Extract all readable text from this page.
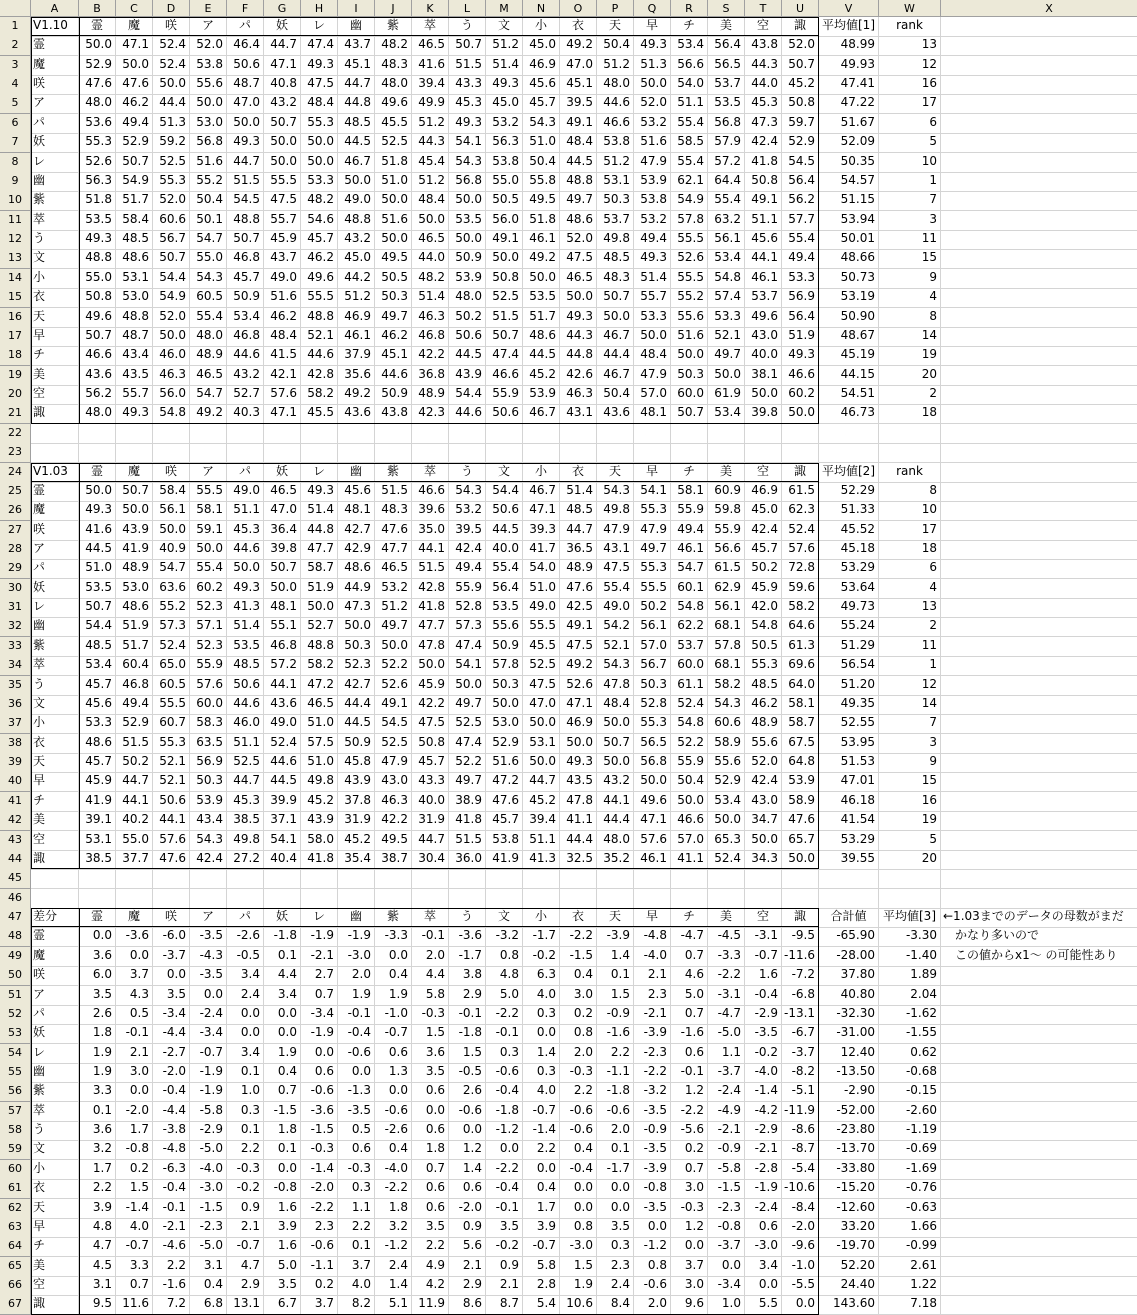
A	B	C	D	E	F	G	H	I	J	K	L	M	N	O	P	Q	R	S	T	U	V	W	X
1
2
3
4
5
6
7
8
9
10
11
12
13
14
15
16
17
18
19
20
21
22
23
24
25
26
27
28
29
30
31
32
33
34
35
36
37
38
39
40
41
42
43
44
45
46
47
48
49
50
51
52
53
54
55
56
57
58
59
60
61
62
63
64
65
66
67
V1.10	霊	魔	咲	ア	パ	妖	レ	幽	紫	萃	う	文	小	衣	天	早	チ	美	空	諏	平均値[1]	rank
霊	50.0 47.1 52.4 52.0 46.4 44.7 47.4 43.7 48.2 46.5 50.7 51.2 45.0 49.2 50.4 49.3 53.4 56.4 43.8 52.0	48.99	13
魔	52.9 50.0 52.4 53.8 50.6 47.1 49.3 45.1 48.3 41.6 51.5 51.4 46.9 47.0 51.2 51.3 56.6 56.5 44.3 50.7	49.93	12
咲	47.6 47.6 50.0 55.6 48.7 40.8 47.5 44.7 48.0 39.4 43.3 49.3 45.6 45.1 48.0 50.0 54.0 53.7 44.0 45.2	47.41	16
ア	48.0 46.2 44.4 50.0 47.0 43.2 48.4 44.8 49.6 49.9 45.3 45.0 45.7 39.5 44.6 52.0 51.1 53.5 45.3 50.8	47.22	17
パ	53.6 49.4 51.3 53.0 50.0 50.7 55.3 48.5 45.5 51.2 49.3 53.2 54.3 49.1 46.6 53.2 55.4 56.8 47.3 59.7	51.67	6
妖	55.3 52.9 59.2 56.8 49.3 50.0 50.0 44.5 52.5 44.3 54.1 56.3 51.0 48.4 53.8 51.6 58.5 57.9 42.4 52.9	52.09	5
レ	52.6 50.7 52.5 51.6 44.7 50.0 50.0 46.7 51.8 45.4 54.3 53.8 50.4 44.5 51.2 47.9 55.4 57.2 41.8 54.5	50.35	10
幽	56.3 54.9 55.3 55.2 51.5 55.5 53.3 50.0 51.0 51.2 56.8 55.0 55.8 48.8 53.1 53.9 62.1 64.4 50.8 56.4	54.57	1
紫	51.8 51.7 52.0 50.4 54.5 47.5 48.2 49.0 50.0 48.4 50.0 50.5 49.5 49.7 50.3 53.8 54.9 55.4 49.1 56.2	51.15	7
萃	53.5 58.4 60.6 50.1 48.8 55.7 54.6 48.8 51.6 50.0 53.5 56.0 51.8 48.6 53.7 53.2 57.8 63.2 51.1 57.7	53.94	3
う	49.3 48.5 56.7 54.7 50.7 45.9 45.7 43.2 50.0 46.5 50.0 49.1 46.1 52.0 49.8 49.4 55.5 56.1 45.6 55.4	50.01	11
文	48.8 48.6 50.7 55.0 46.8 43.7 46.2 45.0 49.5 44.0 50.9 50.0 49.2 47.5 48.5 49.3 52.6 53.4 44.1 49.4	48.66	15
小	55.0 53.1 54.4 54.3 45.7 49.0 49.6 44.2 50.5 48.2 53.9 50.8 50.0 46.5 48.3 51.4 55.5 54.8 46.1 53.3	50.73	9
衣	50.8 53.0 54.9 60.5 50.9 51.6 55.5 51.2 50.3 51.4 48.0 52.5 53.5 50.0 50.7 55.7 55.2 57.4 53.7 56.9	53.19	4
天	49.6 48.8 52.0 55.4 53.4 46.2 48.8 46.9 49.7 46.3 50.2 51.5 51.7 49.3 50.0 53.3 55.6 53.3 49.6 56.4	50.90	8
早	50.7 48.7 50.0 48.0 46.8 48.4 52.1 46.1 46.2 46.8 50.6 50.7 48.6 44.3 46.7 50.0 51.6 52.1 43.0 51.9	48.67	14
チ	46.6 43.4 46.0 48.9 44.6 41.5 44.6 37.9 45.1 42.2 44.5 47.4 44.5 44.8 44.4 48.4 50.0 49.7 40.0 49.3	45.19	19
美	43.6 43.5 46.3 46.5 43.2 42.1 42.8 35.6 44.6 36.8 43.9 46.6 45.2 42.6 46.7 47.9 50.3 50.0 38.1 46.6	44.15	20
空	56.2 55.7 56.0 54.7 52.7 57.6 58.2 49.2 50.9 48.9 54.4 55.9 53.9 46.3 50.4 57.0 60.0 61.9 50.0 60.2	54.51	2
諏	48.0 49.3 54.8 49.2 40.3 47.1 45.5 43.6 43.8 42.3 44.6 50.6 46.7 43.1 43.6 48.1 50.7 53.4 39.8 50.0	46.73	18
V1.03	霊	魔	咲	ア	パ	妖	レ	幽	紫	萃	う	文	小	衣	天	早	チ	美	空	諏	平均値[2]	rank
霊	50.0 50.7 58.4 55.5 49.0 46.5 49.3 45.6 51.5 46.6 54.3 54.4 46.7 51.4 54.3 54.1 58.1 60.9 46.9 61.5	52.29	8
魔	49.3 50.0 56.1 58.1 51.1 47.0 51.4 48.1 48.3 39.6 53.2 50.6 47.1 48.5 49.8 55.3 55.9 59.8 45.0 62.3	51.33	10
咲	41.6 43.9 50.0 59.1 45.3 36.4 44.8 42.7 47.6 35.0 39.5 44.5 39.3 44.7 47.9 47.9 49.4 55.9 42.4 52.4	45.52	17
ア	44.5 41.9 40.9 50.0 44.6 39.8 47.7 42.9 47.7 44.1 42.4 40.0 41.7 36.5 43.1 49.7 46.1 56.6 45.7 57.6	45.18	18
パ	51.0 48.9 54.7 55.4 50.0 50.7 58.7 48.6 46.5 51.5 49.4 55.4 54.0 48.9 47.5 55.3 54.7 61.5 50.2 72.8	53.29	6
妖	53.5 53.0 63.6 60.2 49.3 50.0 51.9 44.9 53.2 42.8 55.9 56.4 51.0 47.6 55.4 55.5 60.1 62.9 45.9 59.6	53.64	4
レ	50.7 48.6 55.2 52.3 41.3 48.1 50.0 47.3 51.2 41.8 52.8 53.5 49.0 42.5 49.0 50.2 54.8 56.1 42.0 58.2	49.73	13
幽	54.4 51.9 57.3 57.1 51.4 55.1 52.7 50.0 49.7 47.7 57.3 55.6 55.5 49.1 54.2 56.1 62.2 68.1 54.8 64.6	55.24	2
紫	48.5 51.7 52.4 52.3 53.5 46.8 48.8 50.3 50.0 47.8 47.4 50.9 45.5 47.5 52.1 57.0 53.7 57.8 50.5 61.3	51.29	11
萃	53.4 60.4 65.0 55.9 48.5 57.2 58.2 52.3 52.2 50.0 54.1 57.8 52.5 49.2 54.3 56.7 60.0 68.1 55.3 69.6	56.54	1
う	45.7 46.8 60.5 57.6 50.6 44.1 47.2 42.7 52.6 45.9 50.0 50.3 47.5 52.6 47.8 50.3 61.1 58.2 48.5 64.0	51.20	12
文	45.6 49.4 55.5 60.0 44.6 43.6 46.5 44.4 49.1 42.2 49.7 50.0 47.0 47.1 48.4 52.8 52.4 54.3 46.2 58.1	49.35	14
小	53.3 52.9 60.7 58.3 46.0 49.0 51.0 44.5 54.5 47.5 52.5 53.0 50.0 46.9 50.0 55.3 54.8 60.6 48.9 58.7	52.55	7
衣	48.6 51.5 55.3 63.5 51.1 52.4 57.5 50.9 52.5 50.8 47.4 52.9 53.1 50.0 50.7 56.5 52.2 58.9 55.6 67.5	53.95	3
天	45.7 50.2 52.1 56.9 52.5 44.6 51.0 45.8 47.9 45.7 52.2 51.6 50.0 49.3 50.0 56.8 55.9 55.6 52.0 64.8	51.53	9
早	45.9 44.7 52.1 50.3 44.7 44.5 49.8 43.9 43.0 43.3 49.7 47.2 44.7 43.5 43.2 50.0 50.4 52.9 42.4 53.9	47.01	15
チ	41.9 44.1 50.6 53.9 45.3 39.9 45.2 37.8 46.3 40.0 38.9 47.6 45.2 47.8 44.1 49.6 50.0 53.4 43.0 58.9	46.18	16
美	39.1 40.2 44.1 43.4 38.5 37.1 43.9 31.9 42.2 31.9 41.8 45.7 39.4 41.1 44.4 47.1 46.6 50.0 34.7 47.6	41.54	19
空	53.1 55.0 57.6 54.3 49.8 54.1 58.0 45.2 49.5 44.7 51.5 53.8 51.1 44.4 48.0 57.6 57.0 65.3 50.0 65.7	53.29	5
諏	38.5 37.7 47.6 42.4 27.2 40.4 41.8 35.4 38.7 30.4 36.0 41.9 41.3 32.5 35.2 46.1 41.1 52.4 34.3 50.0	39.55	20
差分	霊	魔	咲	ア	パ	妖	レ	幽	紫	萃	う	文	小	衣	天	早	チ	美	空	諏	合計値	平均値[3]
霊	0.0	-3.6	-6.0	-3.5	-2.6	-1.8	-1.9	-1.9	-3.3	-0.1	-3.6	-3.2	-1.7	-2.2	-3.9	-4.8	-4.7	-4.5	-3.1	-9.5	-65.90	-3.30
魔	3.6	0.0	-3.7	-4.3	-0.5	0.1	-2.1	-3.0	0.0	2.0	-1.7	0.8	-0.2	-1.5	1.4	-4.0	0.7	-3.3	-0.7 -11.6	-28.00	-1.40
咲	6.0	3.7	0.0	-3.5	3.4	4.4	2.7	2.0	0.4	4.4	3.8	4.8	6.3	0.4	0.1	2.1	4.6	-2.2	1.6	-7.2	37.80	1.89
ア	3.5	4.3	3.5	0.0	2.4	3.4	0.7	1.9	1.9	5.8	2.9	5.0	4.0	3.0	1.5	2.3	5.0	-3.1	-0.4	-6.8	40.80	2.04
パ	2.6	0.5	-3.4	-2.4	0.0	0.0	-3.4	-0.1	-1.0	-0.3	-0.1	-2.2	0.3	0.2	-0.9	-2.1	0.7	-4.7	-2.9 -13.1	-32.30	-1.62
妖	1.8	-0.1	-4.4	-3.4	0.0	0.0	-1.9	-0.4	-0.7	1.5	-1.8	-0.1	0.0	0.8	-1.6	-3.9	-1.6	-5.0	-3.5	-6.7	-31.00	-1.55
レ	1.9	2.1	-2.7	-0.7	3.4	1.9	0.0	-0.6	0.6	3.6	1.5	0.3	1.4	2.0	2.2	-2.3	0.6	1.1	-0.2	-3.7	12.40	0.62
幽	1.9	3.0	-2.0	-1.9	0.1	0.4	0.6	0.0	1.3	3.5	-0.5	-0.6	0.3	-0.3	-1.1	-2.2	-0.1	-3.7	-4.0	-8.2	-13.50	-0.68
紫	3.3	0.0	-0.4	-1.9	1.0	0.7	-0.6	-1.3	0.0	0.6	2.6	-0.4	4.0	2.2	-1.8	-3.2	1.2	-2.4	-1.4	-5.1	-2.90	-0.15
萃	0.1	-2.0	-4.4	-5.8	0.3	-1.5	-3.6	-3.5	-0.6	0.0	-0.6	-1.8	-0.7	-0.6	-0.6	-3.5	-2.2	-4.9	-4.2 -11.9	-52.00	-2.60
う	3.6	1.7	-3.8	-2.9	0.1	1.8	-1.5	0.5	-2.6	0.6	0.0	-1.2	-1.4	-0.6	2.0	-0.9	-5.6	-2.1	-2.9	-8.6	-23.80	-1.19
文	3.2	-0.8	-4.8	-5.0	2.2	0.1	-0.3	0.6	0.4	1.8	1.2	0.0	2.2	0.4	0.1	-3.5	0.2	-0.9	-2.1	-8.7	-13.70	-0.69
小	1.7	0.2	-6.3	-4.0	-0.3	0.0	-1.4	-0.3	-4.0	0.7	1.4	-2.2	0.0	-0.4	-1.7	-3.9	0.7	-5.8	-2.8	-5.4	-33.80	-1.69
衣	2.2	1.5	-0.4	-3.0	-0.2	-0.8	-2.0	0.3	-2.2	0.6	0.6	-0.4	0.4	0.0	0.0	-0.8	3.0	-1.5	-1.9 -10.6	-15.20	-0.76
天	3.9	-1.4	-0.1	-1.5	0.9	1.6	-2.2	1.1	1.8	0.6	-2.0	-0.1	1.7	0.0	0.0	-3.5	-0.3	-2.3	-2.4	-8.4	-12.60	-0.63
早	4.8	4.0	-2.1	-2.3	2.1	3.9	2.3	2.2	3.2	3.5	0.9	3.5	3.9	0.8	3.5	0.0	1.2	-0.8	0.6	-2.0	33.20	1.66
チ	4.7	-0.7	-4.6	-5.0	-0.7	1.6	-0.6	0.1	-1.2	2.2	5.6	-0.2	-0.7	-3.0	0.3	-1.2	0.0	-3.7	-3.0	-9.6	-19.70	-0.99
美	4.5	3.3	2.2	3.1	4.7	5.0	-1.1	3.7	2.4	4.9	2.1	0.9	5.8	1.5	2.3	0.8	3.7	0.0	3.4	-1.0	52.20	2.61
空	3.1	0.7	-1.6	0.4	2.9	3.5	0.2	4.0	1.4	4.2	2.9	2.1	2.8	1.9	2.4	-0.6	3.0	-3.4	0.0	-5.5	24.40	1.22
諏	9.5 11.6	7.2	6.8 13.1	6.7	3.7	8.2	5.1 11.9	8.6	8.7	5.4 10.6	8.4	2.0	9.6	1.0	5.5	0.0	143.60	7.18
←1.03までのデータの母数がまだ
かなり多いので
この値からx1～ の可能性あり
